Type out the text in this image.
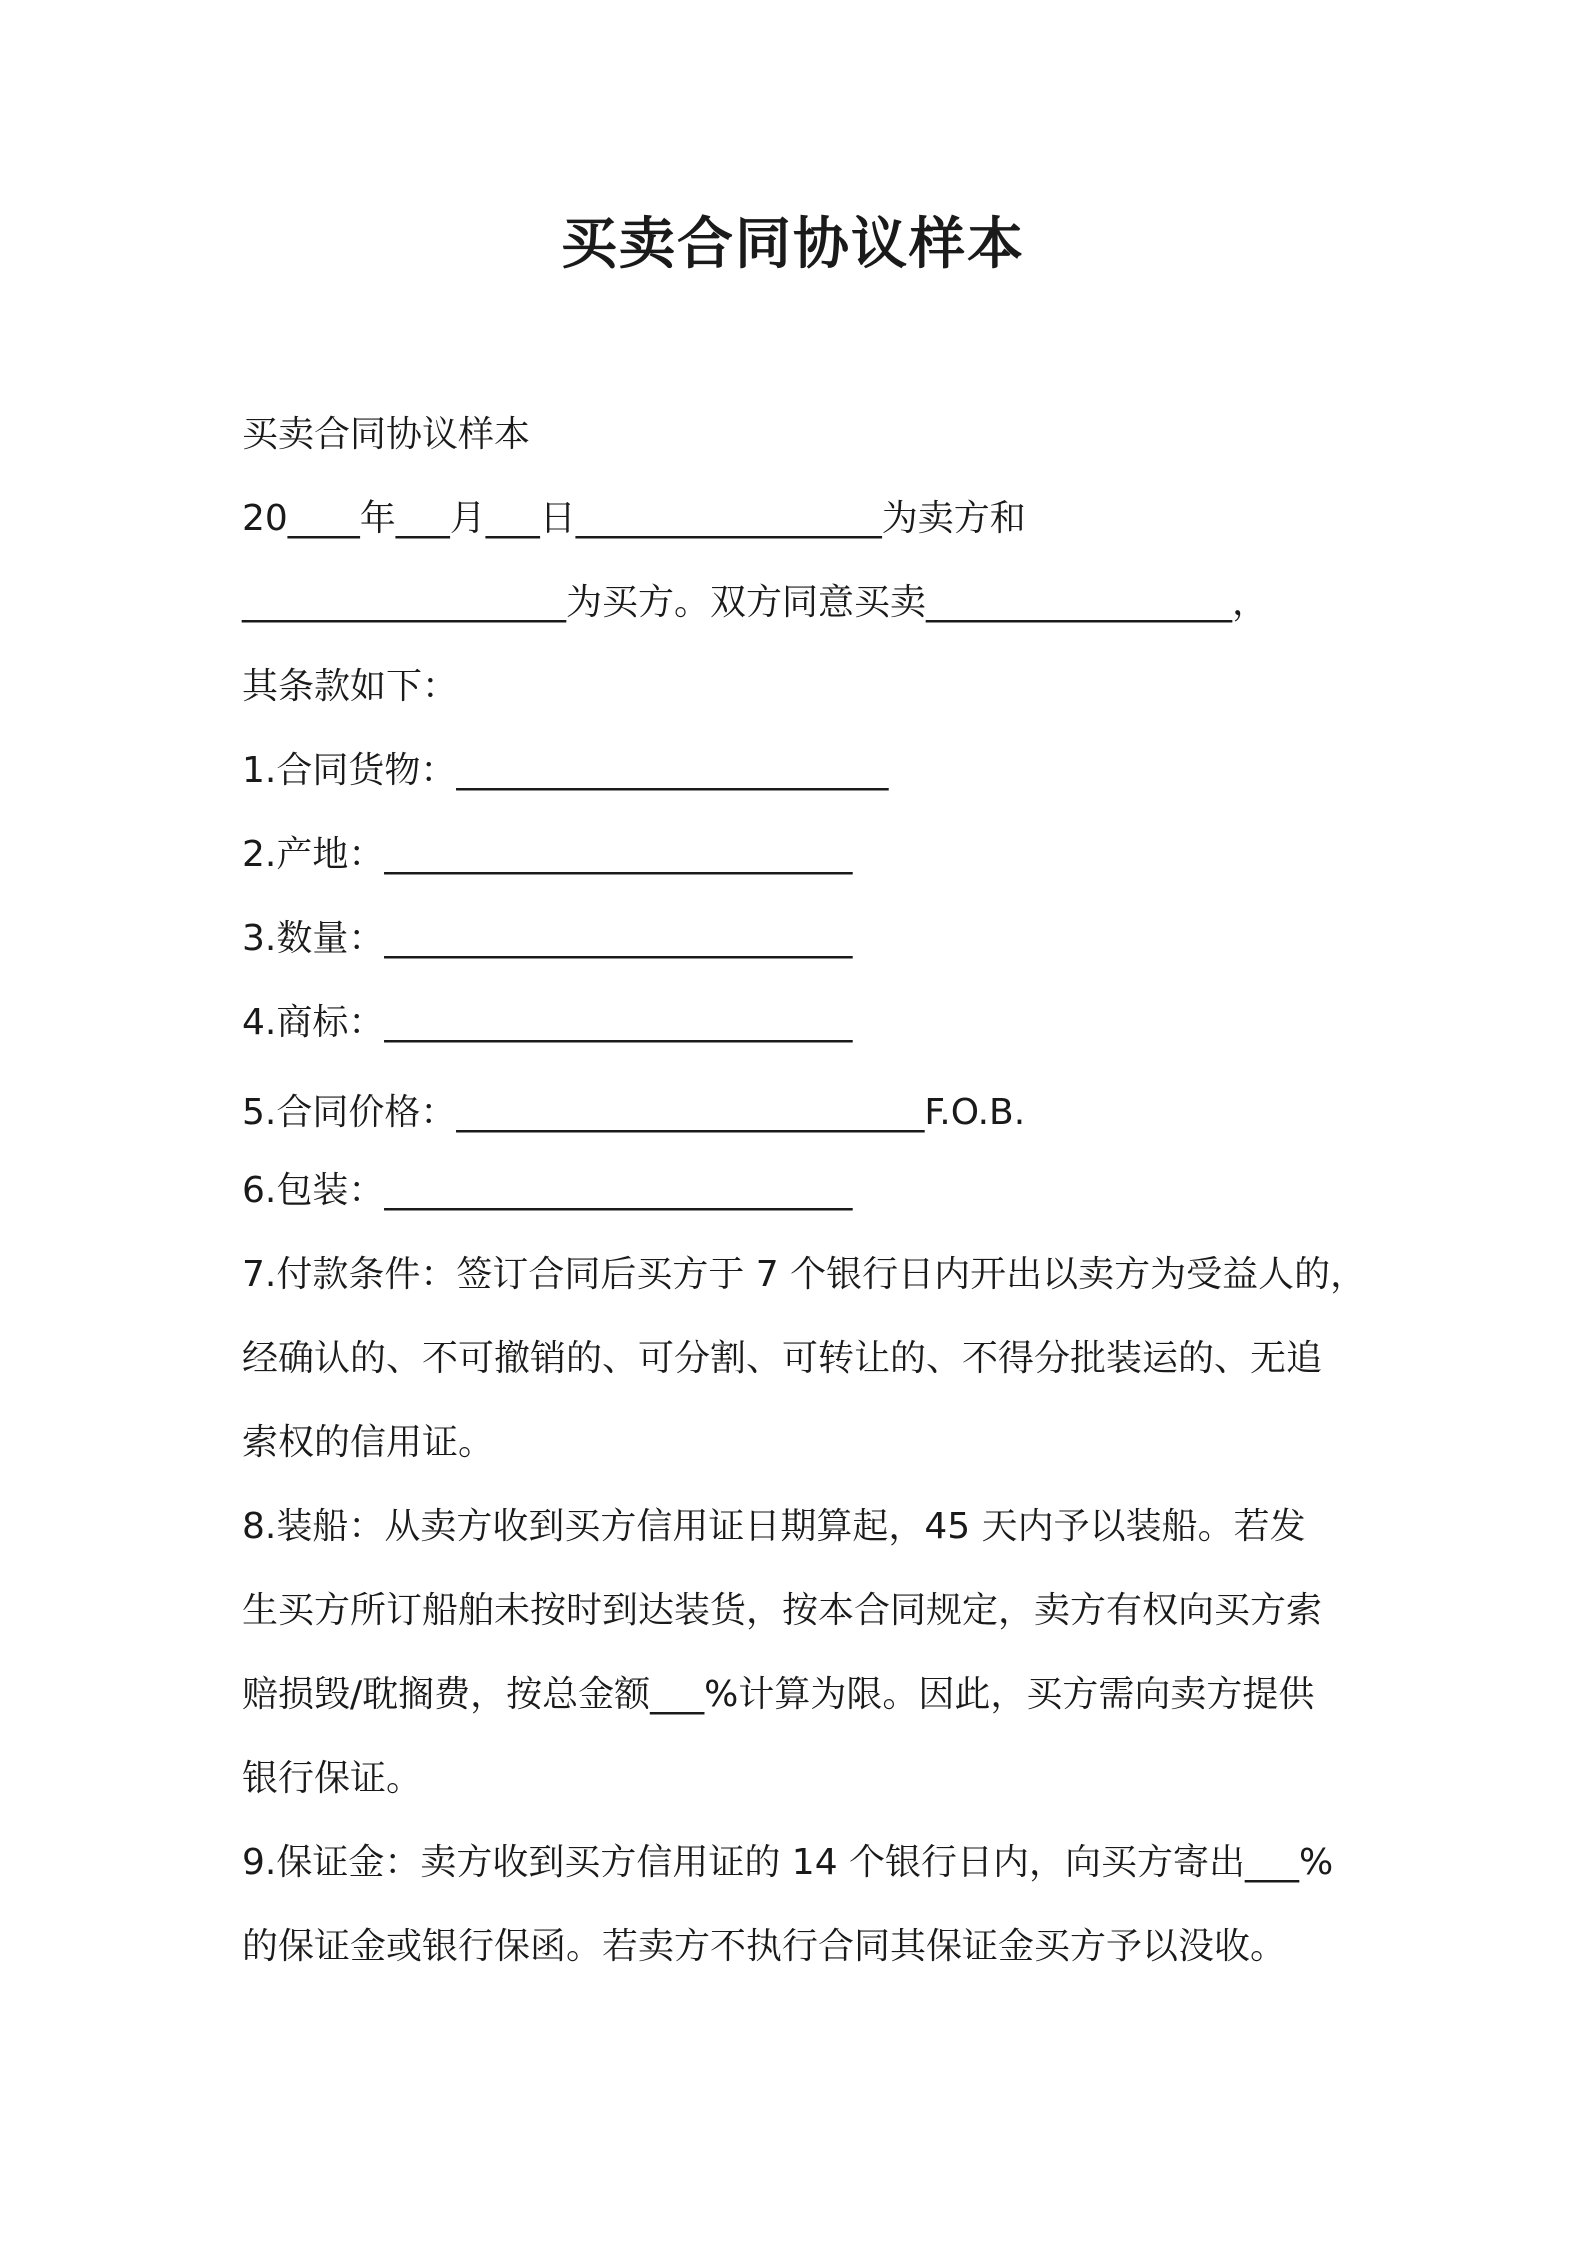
买卖合同协议样本
买卖合同协议样本
20____年___月___日_________________为卖方和
__________________为买方。双方同意买卖_________________，
其条款如下：
1.合同货物：________________________
2.产地：__________________________
3.数量：__________________________
4.商标：__________________________
5.合同价格：__________________________F.O.B.
6.包装：__________________________
7.付款条件：签订合同后买方于 7 个银行日内开出以卖方为受益人的，
经确认的、不可撤销的、可分割、可转让的、不得分批装运的、无追
索权的信用证。
8.装船：从卖方收到买方信用证日期算起，45 天内予以装船。若发
生买方所订船舶未按时到达装货，按本合同规定，卖方有权向买方索
赔损毁/耽搁费，按总金额___%计算为限。因此，买方需向卖方提供
银行保证。
9.保证金：卖方收到买方信用证的 14 个银行日内，向买方寄出___%
的保证金或银行保函。若卖方不执行合同其保证金买方予以没收。
